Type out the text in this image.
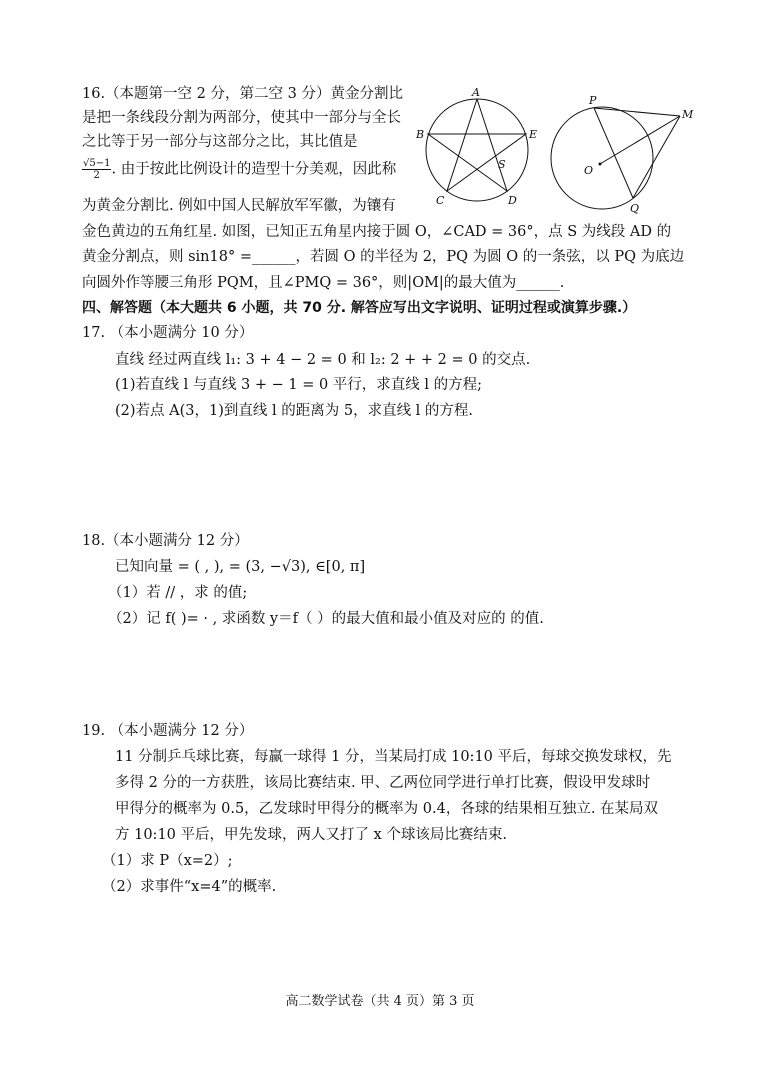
16.（本题第一空 2 分，第二空 3 分）黄金分割比
是把一条线段分割为两部分，使其中一部分与全长
之比等于另一部分与这部分之比，其比值是
$\frac{√5-1}{2}$ . 由于按此比例设计的造型十分美观，因此称
为黄金分割比. 例如中国人民解放军军徽，为镶有
金色黄边的五角红星. 如图，已知正五角星内接于圆 O，∠CAD = 36°，点 S 为线段 AD 的
黄金分割点，则 sin18° =______，若圆 O 的半径为 2，PQ 为圆 O 的一条弦，以 PQ 为底边
向圆外作等腰三角形 PQM，且∠PMQ = 36°，则|OM|的最大值为______.
A
B	E
C	D
S
P
M
O
Q
四、解答题（本大题共 6 小题，共 70 分. 解答应写出文字说明、证明过程或演算步骤.）
17. （本小题满分 10 分）
直线 经过两直线 l₁: 3 + 4 − 2 = 0 和 l₂: 2 + + 2 = 0 的交点.
(1)若直线 l 与直线 3 + − 1 = 0 平行，求直线 l 的方程;
(2)若点 A(3，1)到直线 l 的距离为 5，求直线 l 的方程.
18.（本小题满分 12 分）
已知向量 = ( , ), = (3, −√3), ∈[0, π]
（1）若 // ，求 的值;
（2）记 f( )= · , 求函数 y＝f（ ）的最大值和最小值及对应的 的值.
19. （本小题满分 12 分）
11 分制乒乓球比赛，每赢一球得 1 分，当某局打成 10:10 平后，每球交换发球权，先
多得 2 分的一方获胜，该局比赛结束. 甲、乙两位同学进行单打比赛，假设甲发球时
甲得分的概率为 0.5，乙发球时甲得分的概率为 0.4，各球的结果相互独立. 在某局双
方 10:10 平后，甲先发球，两人又打了 x 个球该局比赛结束.
（1）求 P（x=2）;
（2）求事件“x=4”的概率.
高二数学试卷（共 4 页）第 3 页
